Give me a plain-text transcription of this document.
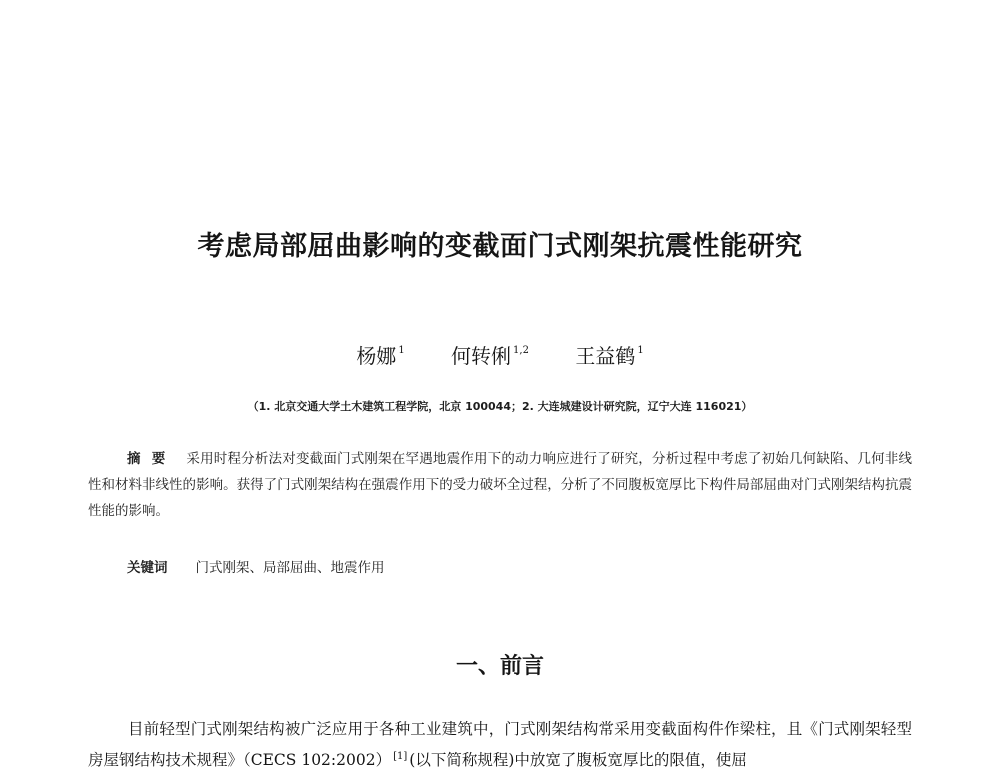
考虑局部屈曲影响的变截面门式刚架抗震性能研究
杨娜 $^1$ 何转俐 $^{1,2}$ 王益鹤 $^1$
（1. 北京交通大学土木建筑工程学院，北京 100044；2. 大连城建设计研究院，辽宁大连 116021）
摘要 采用时程分析法对变截面门式刚架在罕遇地震作用下的动力响应进行了研究，分析过程中考虑了初始几何缺陷、几何非线性和材料非线性的影响。获得了门式刚架结构在强震作用下的受力破坏全过程，分析了不同腹板宽厚比下构件局部屈曲对门式刚架结构抗震性能的影响。
关键词 门式刚架、局部屈曲、地震作用
一、前言
目前轻型门式刚架结构被广泛应用于各种工业建筑中，门式刚架结构常采用变截面构件作梁柱，且《门式刚架轻型房屋钢结构技术规程》（CECS 102:2002） [1] (以下简称规程)中放宽了腹板宽厚比的限值，使屈
